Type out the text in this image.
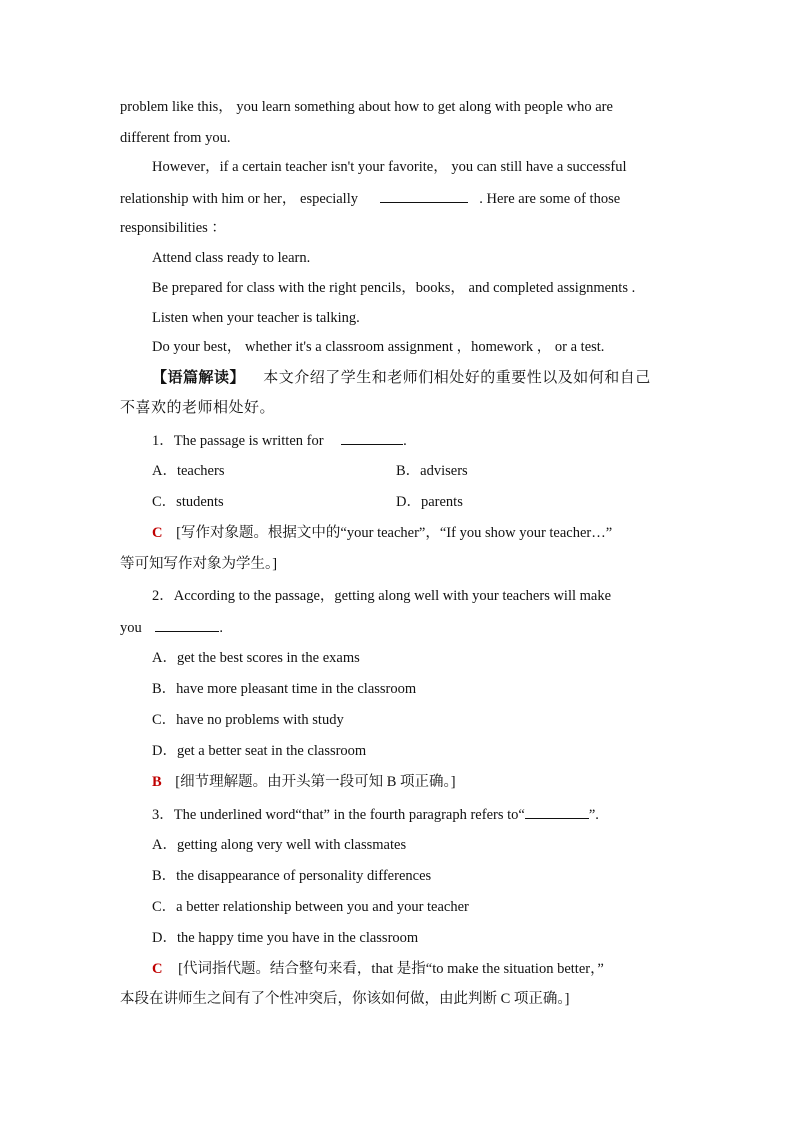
problem like this， you learn something about how to get along with people who are
different from you.
However，if a certain teacher isn't your favorite， you can still have a successful
relationship with him or her， especially	. Here are some of those
responsibilities ：
Attend class ready to learn.
Be prepared for class with the right pencils，books， and completed assignments .
Listen when your teacher is talking.
Do your best， whether it's a classroom assignment ，homework ， or a test.
【语篇解读】 本文介绍了学生和老师们相处好的重要性以及如何和自己
不喜欢的老师相处好。
1．The passage is written for	.
A．teachers	B．advisers
C．students	D．parents
C [写作对象题。根据文中的“your teacher”，“If you show your teacher…”
等可知写作对象为学生。]
2．According to the passage，getting along well with your teachers will make
you	.
A．get the best scores in the exams
B．have more pleasant time in the classroom
C．have no problems with study
D．get a better seat in the classroom
B [细节理解题。由开头第一段可知 B 项正确。]
3．The underlined word“that” in the fourth paragraph refers to“	”.
A．getting along very well with classmates
B．the disappearance of personality differences
C．a better relationship between you and your teacher
D．the happy time you have in the classroom
C [代词指代题。结合整句来看，that 是指“to make the situation better，”
本段在讲师生之间有了个性冲突后，你该如何做，由此判断 C 项正确。]
